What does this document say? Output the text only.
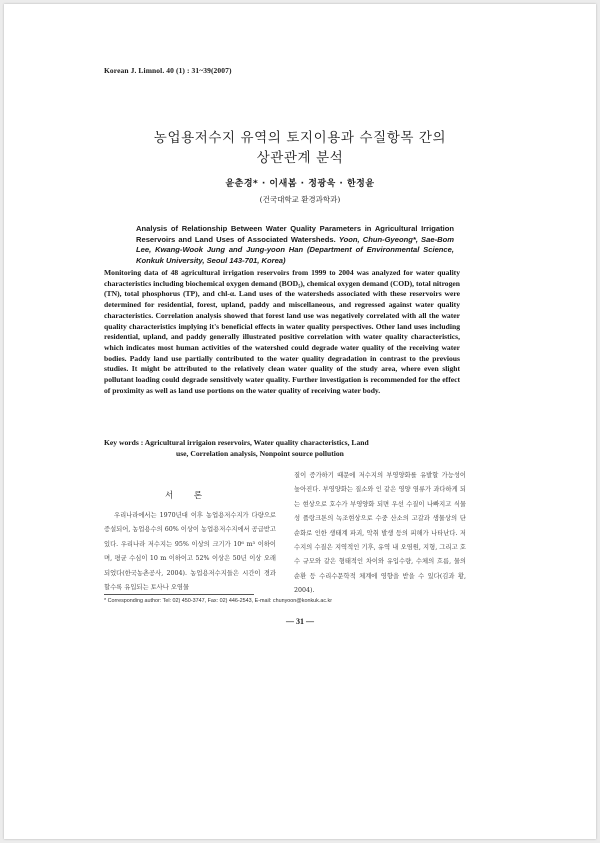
Korean J. Limnol. 40 (1) : 31~39(2007)
농업용저수지 유역의 토지이용과 수질항목 간의
상관관계 분석
윤춘경* · 이새봄 · 정광욱 · 한정윤
(건국대학교 환경과학과)
Analysis of Relationship Between Water Quality Parameters in Agricultural Irrigation Reservoirs and Land Uses of Associated Watersheds. Yoon, Chun-Gyeong*, Sae-Bom Lee, Kwang-Wook Jung and Jung-yoon Han (Department of Environmental Science, Konkuk University, Seoul 143-701, Korea)
Monitoring data of 48 agricultural irrigation reservoirs from 1999 to 2004 was analyzed for water quality characteristics including biochemical oxygen demand (BOD₅), chemical oxygen demand (COD), total nitrogen (TN), total phosphorus (TP), and chl-α. Land uses of the watersheds associated with these reservoirs were determined for residential, forest, upland, paddy and miscellaneous, and regressed against water quality characteristics. Correlation analysis showed that forest land use was negatively correlated with all the water quality characteristics implying it's beneficial effects in water quality perspectives. Other land uses including residential, upland, and paddy generally illustrated positive correlation with water quality characteristics, which indicates most human activities of the watershed could degrade water quality of the receiving water bodies. Paddy land use partially contributed to the water quality degradation in contrast to the previous studies. It might be attributed to the relatively clean water quality of the study area, where even slight pollutant loading could degrade sensitively water quality. Further investigation is recommended for the effect of proximity as well as land use portions on the water quality of receiving water body.
Key words : Agricultural irrigaion reservoirs, Water quality characteristics, Land
use, Correlation analysis, Nonpoint source pollution
서 론
우리나라에서는 1970년대 이후 농업용저수지가 다량으로 증설되어, 농업용수의 60% 이상이 농업용저수지에서 공급받고 있다. 우리나라 저수지는 95% 이상의 크기가 10⁶ m³ 이하이며, 평균 수심이 10 m 이하이고 52% 이상은 50년 이상 오래되었다(한국농촌공사, 2004). 농업용저수지들은 시간이 경과할수록 유입되는 토사나 오염물
질이 증가하기 때문에 저수지의 부영양화를 유발할 가능성이 높아진다. 부영양화는 질소와 인 같은 영양 염류가 과다하게 되는 현상으로 호수가 부영양화 되면 우선 수질이 나빠지고 식물성 플랑크톤의 녹조현상으로 수중 산소의 고갈과 생물상의 단순화로 인한 생태계 파괴, 악취 발생 등의 피해가 나타난다. 저수지의 수질은 지역적인 기후, 유역 내 오염원, 지형, 그리고 호수 규모와 같은 형태적인 차이와 유입수량, 수체의 흐름, 물의 순환 등 수리수문학적 체계에 영향을 받을 수 있다(김과 황, 2004).
* Corresponding author: Tel: 02) 450-3747, Fax: 02) 446-2543, E-mail: chunyoon@konkuk.ac.kr
— 31 —
